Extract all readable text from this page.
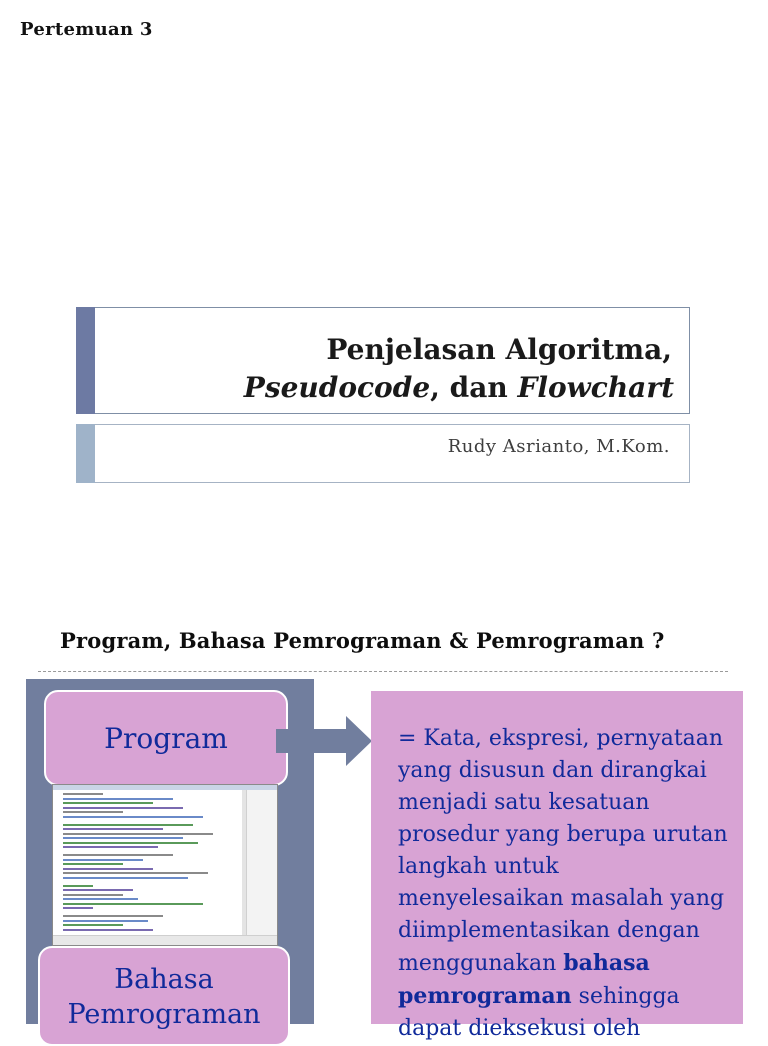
Pertemuan 3
Penjelasan Algoritma,
Pseudocode, dan Flowchart
Rudy Asrianto, M.Kom.
Program, Bahasa Pemrograman & Pemrograman ?
Program
Bahasa
Pemrograman

= Kata, ekspresi, pernyataan yang disusun dan dirangkai menjadi satu kesatuan prosedur yang berupa urutan langkah untuk menyelesaikan masalah yang diimplementasikan dengan menggunakan bahasa pemrograman sehingga dapat dieksekusi oleh
